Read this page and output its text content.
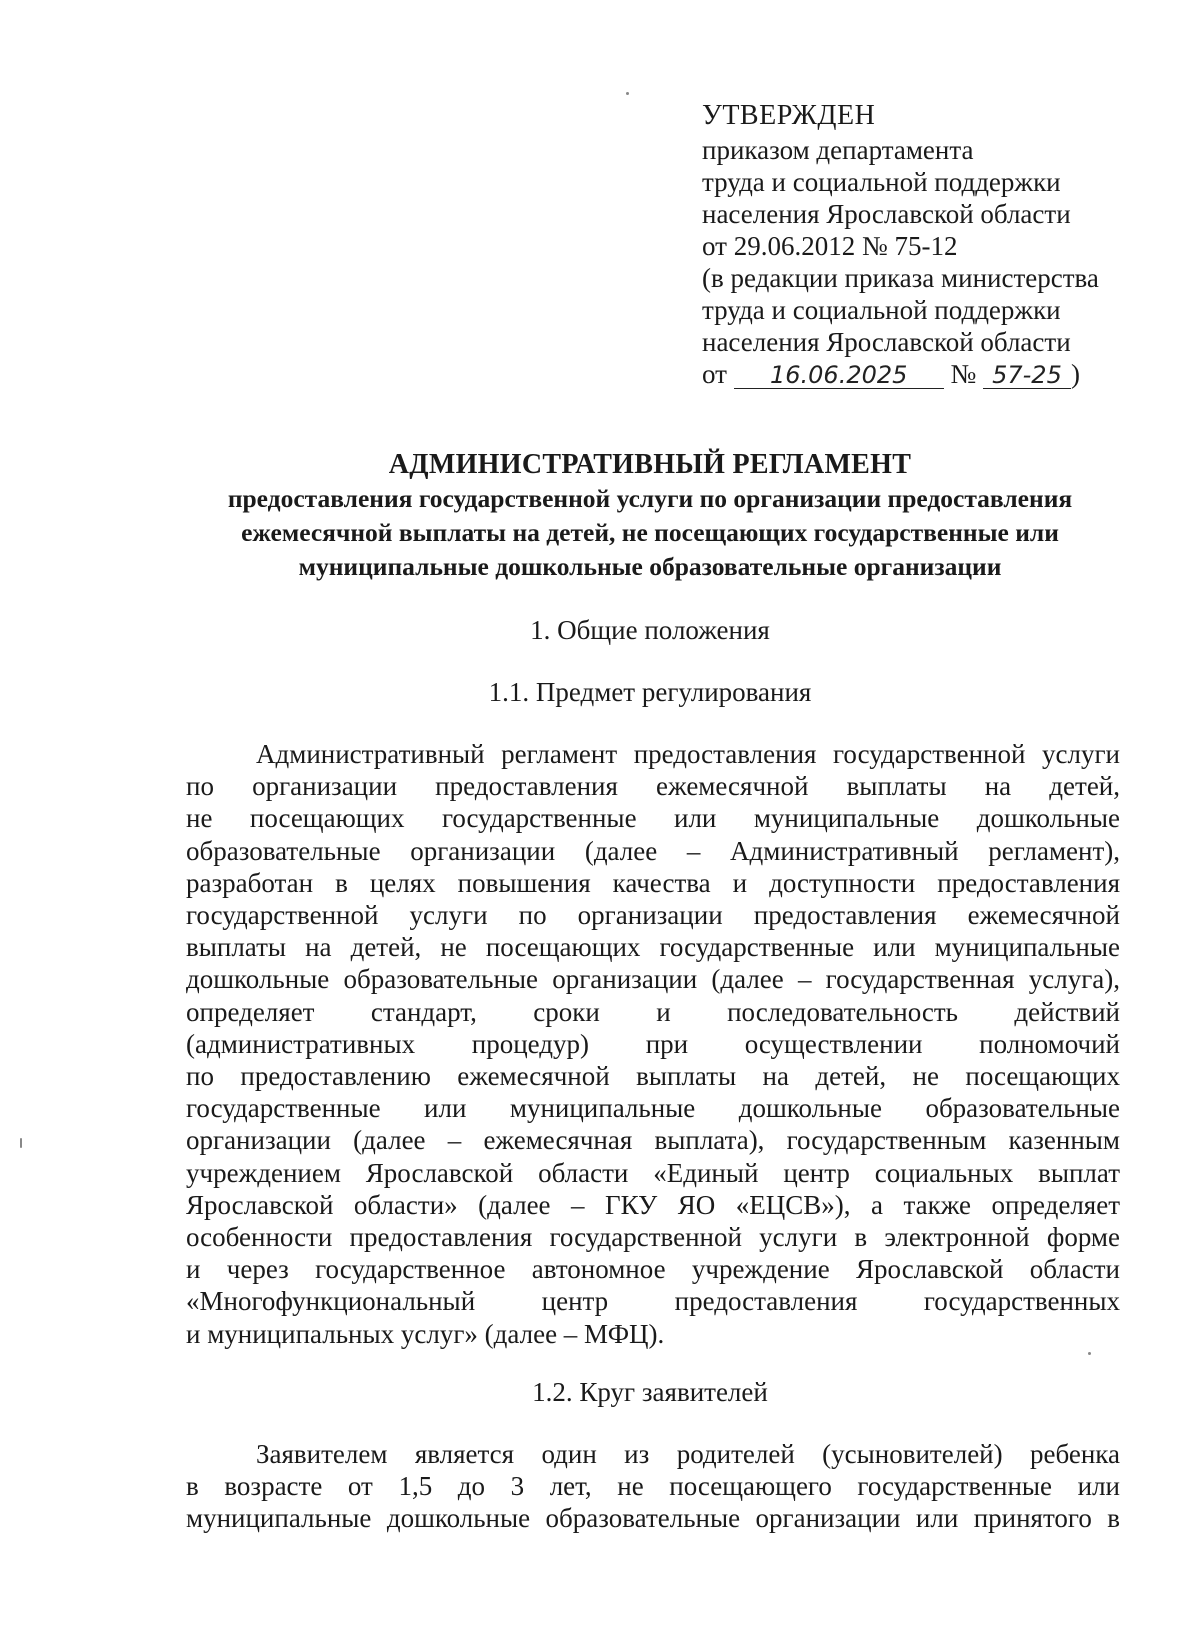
УТВЕРЖДЕН
приказом департамента
труда и социальной поддержки
населения Ярославской области
от 29.06.2012 № 75-12
(в редакции приказа министерства
труда и социальной поддержки
населения Ярославской области
от 16.06.2025 № 57-25 )
АДМИНИСТРАТИВНЫЙ РЕГЛАМЕНТ
предоставления государственной услуги по организации предоставления
ежемесячной выплаты на детей, не посещающих государственные или
муниципальные дошкольные образовательные организации
1. Общие положения
1.1. Предмет регулирования
Административный регламент предоставления государственной услуги
по организации предоставления ежемесячной выплаты на детей,
не посещающих государственные или муниципальные дошкольные
образовательные организации (далее – Административный регламент),
разработан в целях повышения качества и доступности предоставления
государственной услуги по организации предоставления ежемесячной
выплаты на детей, не посещающих государственные или муниципальные
дошкольные образовательные организации (далее – государственная услуга),
определяет стандарт, сроки и последовательность действий
(административных процедур) при осуществлении полномочий
по предоставлению ежемесячной выплаты на детей, не посещающих
государственные или муниципальные дошкольные образовательные
организации (далее – ежемесячная выплата), государственным казенным
учреждением Ярославской области «Единый центр социальных выплат
Ярославской области» (далее – ГКУ ЯО «ЕЦСВ»), а также определяет
особенности предоставления государственной услуги в электронной форме
и через государственное автономное учреждение Ярославской области
«Многофункциональный центр предоставления государственных
и муниципальных услуг» (далее – МФЦ).
1.2. Круг заявителей
Заявителем является один из родителей (усыновителей) ребенка
в возрасте от 1,5 до 3 лет, не посещающего государственные или
муниципальные дошкольные образовательные организации или принятого в
